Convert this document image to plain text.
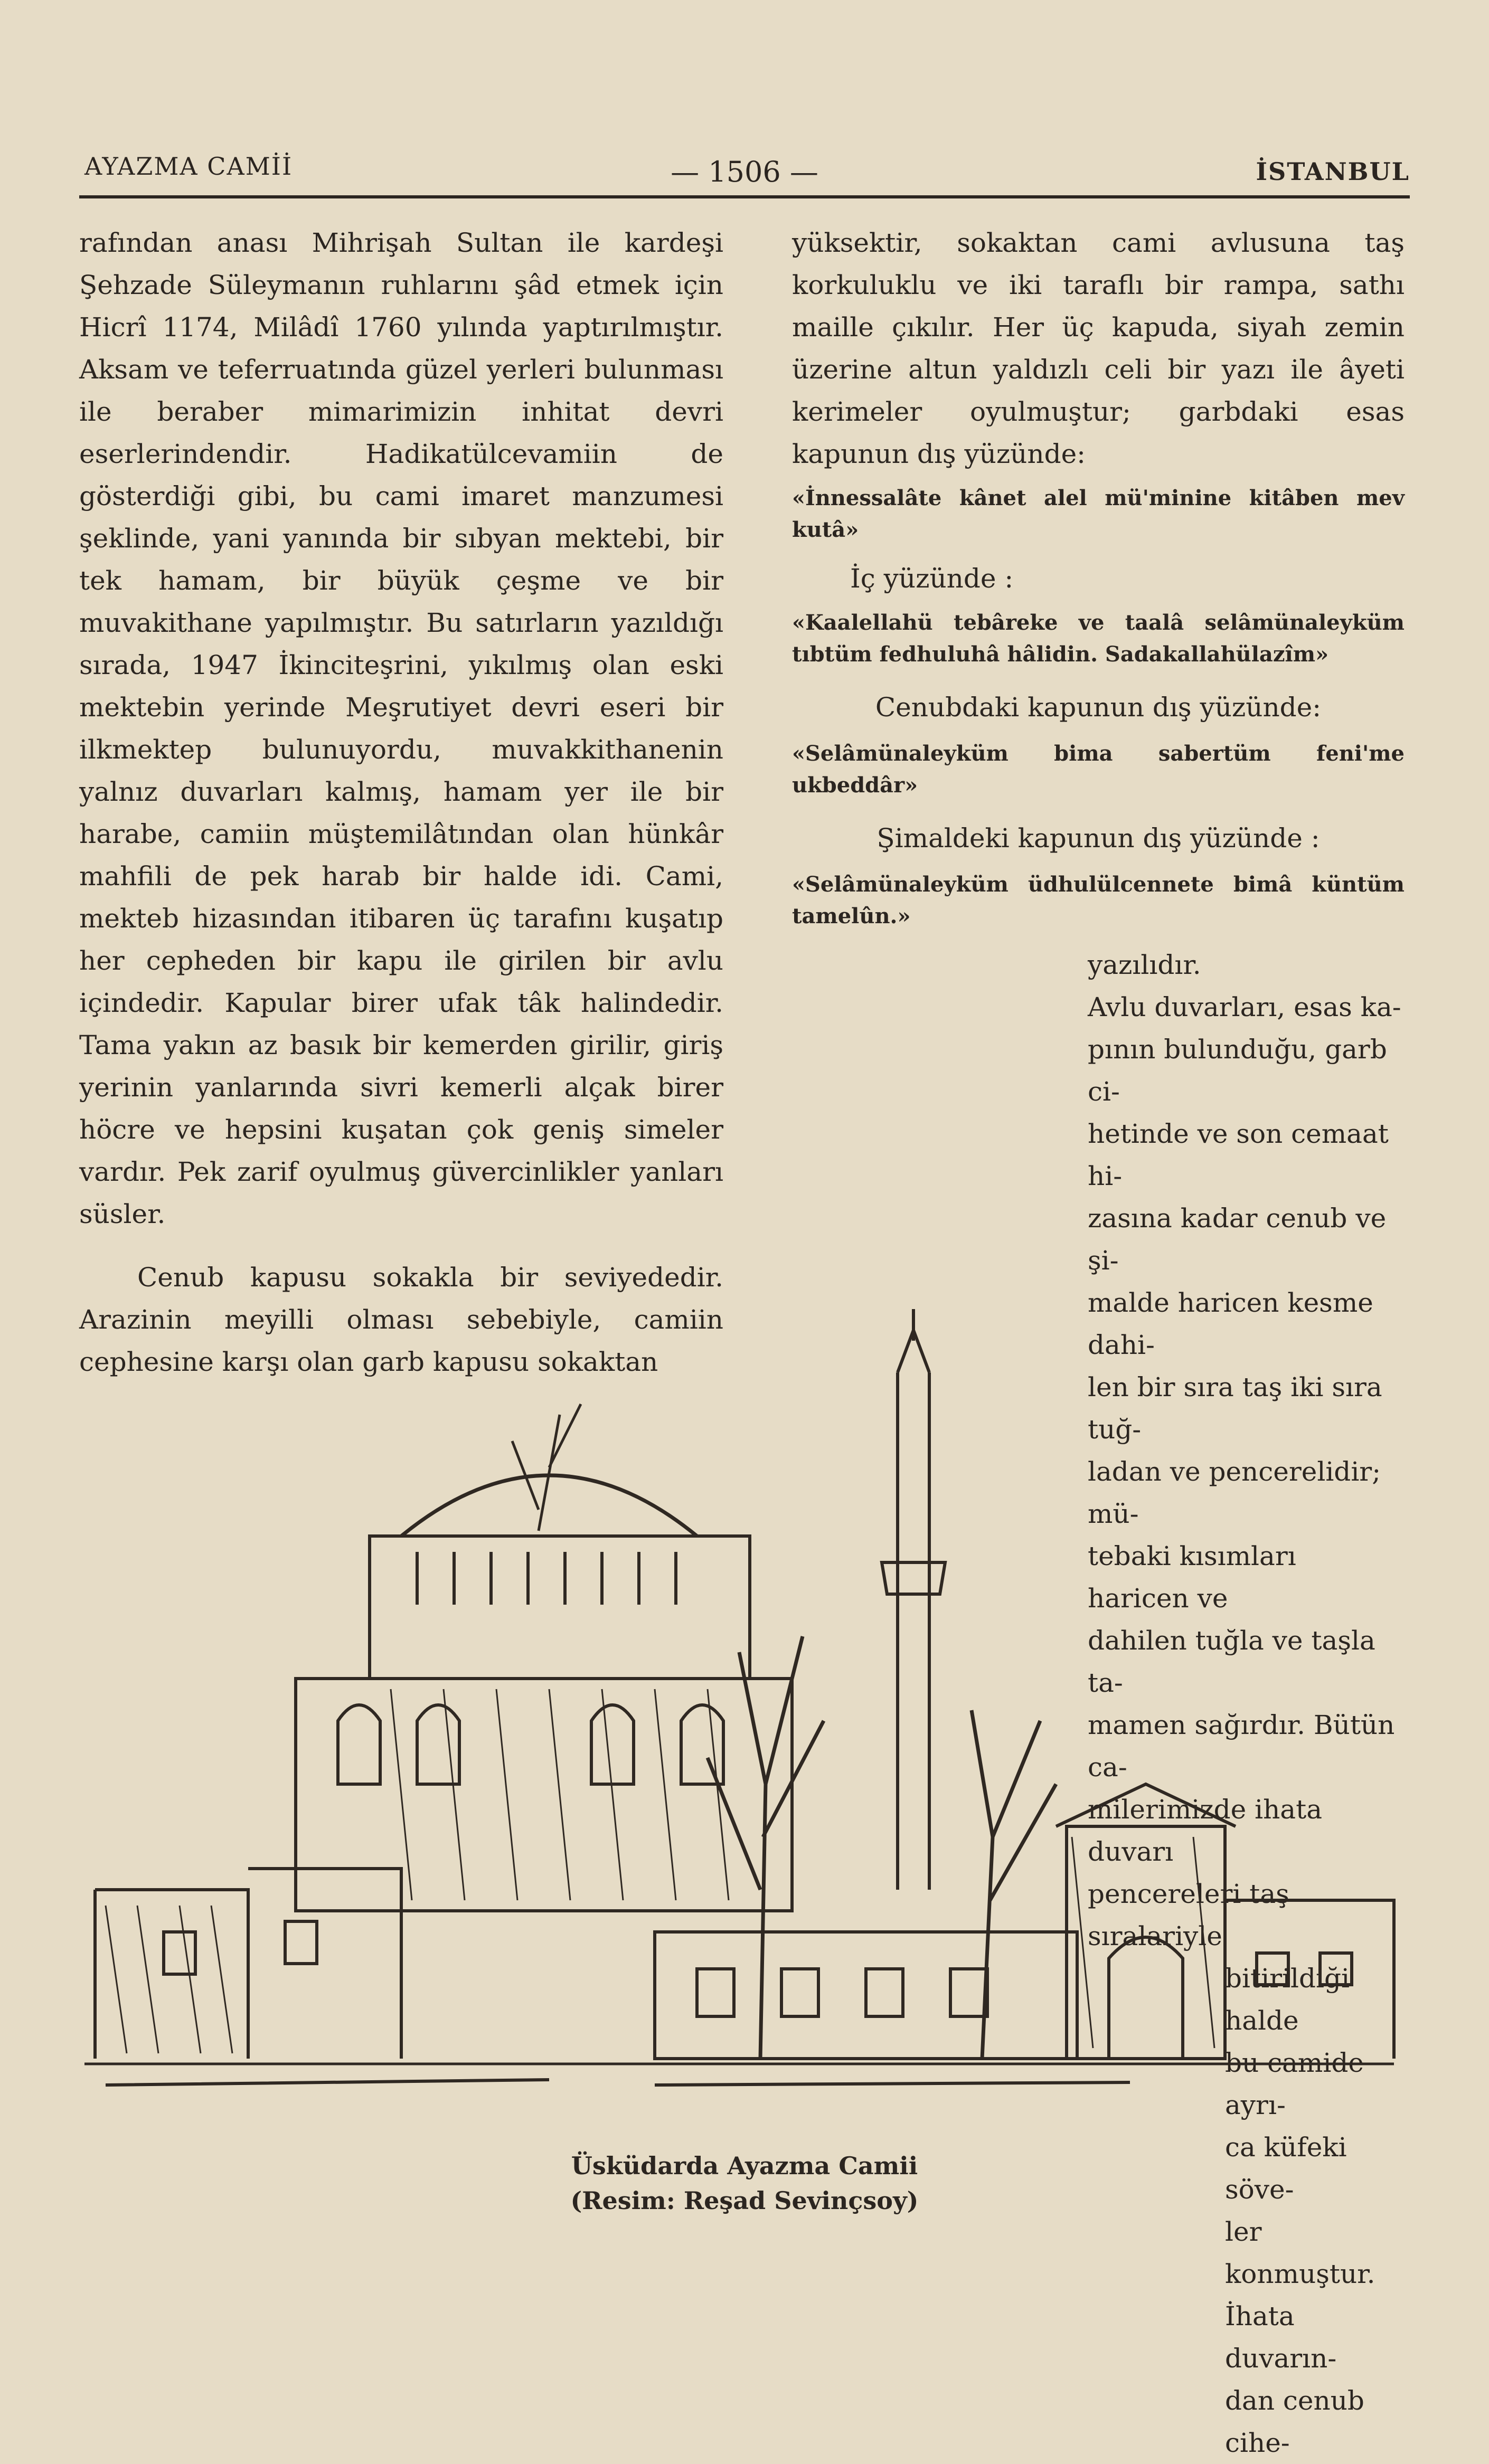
AYAZMA CAMİİ	— 1506 —	İSTANBUL

rafından anası Mihrişah Sultan ile kardeşi Şehzade Süleymanın ruhlarını şâd etmek için Hicrî 1174, Milâdî 1760 yılında yaptırılmıştır. Aksam ve teferruatında güzel yerleri bulunması ile beraber mimarimizin inhitat devri eserlerindendir. Hadikatülcevamiin de gösterdiği gibi, bu cami imaret manzumesi şeklinde, yani yanında bir sıbyan mektebi, bir tek hamam, bir büyük çeşme ve bir muvakithane yapılmıştır. Bu satırların yazıldığı sırada, 1947 İkinciteşrini, yıkılmış olan eski mektebin yerinde Meşrutiyet devri eseri bir ilkmektep bulunuyordu, muvakkithanenin yalnız duvarları kalmış, hamam yer ile bir harabe, camiin müştemilâtından olan hünkâr mahfili de pek harab bir halde idi. Cami, mekteb hizasından itibaren üç tarafını kuşatıp her cepheden bir kapu ile girilen bir avlu içindedir. Kapular birer ufak tâk halindedir. Tama yakın az basık bir kemerden girilir, giriş yerinin yanlarında sivri kemerli alçak birer höcre ve hepsini kuşatan çok geniş simeler vardır. Pek zarif oyulmuş güvercinlikler yanları süsler.

Cenub kapusu sokakla bir seviyededir. Arazinin meyilli olması sebebiyle, camiin cephesine karşı olan garb kapusu sokaktan

yüksektir, sokaktan cami avlusuna taş korkuluklu ve iki taraflı bir rampa, sathı maille çıkılır. Her üç kapuda, siyah zemin üzerine altun yaldızlı celi bir yazı ile âyeti kerimeler oyulmuştur; garbdaki esas kapunun dış yüzünde:

«İnnessalâte kânet alel mü'minine kitâben mev kutâ»

İç yüzünde :

«Kaalellahü tebâreke ve taalâ selâmünaleyküm tıbtüm fedhuluhâ hâlidin. Sadakallahülazîm»

Cenubdaki kapunun dış yüzünde:

«Selâmünaleyküm bima sabertüm feni'me ukbeddâr»

Şimaldeki kapunun dış yüzünde :

«Selâmünaleyküm üdhulülcennete bimâ küntüm tamelûn.»

yazılıdır.

Avlu duvarları, esas ka-

pının bulunduğu, garb ci-

hetinde ve son cemaat hi-

zasına kadar cenub ve şi-

malde haricen kesme dahi-

len bir sıra taş iki sıra tuğ-

ladan ve pencerelidir; mü-

tebaki kısımları haricen ve

dahilen tuğla ve taşla ta-

mamen sağırdır. Bütün ca-

milerimizde ihata duvarı

pencereleri taş sıralariyle

bitirildiği halde

bu camide ayrı-

ca küfeki söve-

ler konmuştur.

İhata duvarın-

dan cenub cihe-

Üsküdarda Ayazma Camii
(Resim: Reşad Sevinçsoy)
